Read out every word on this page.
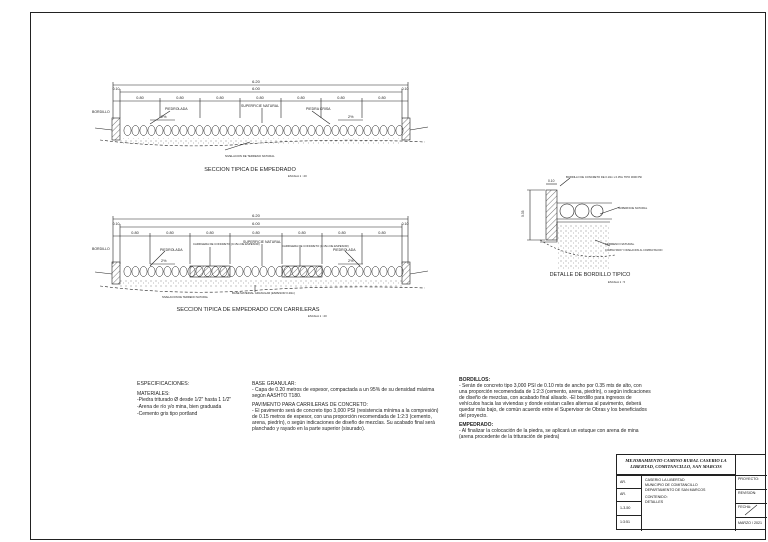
6.20
6.00
0.10	0.10
0.80	0.80	0.80	0.80	0.80	0.80	0.80
BORDILLO
PIEDROLADA
SUPERFICIE NATURAL
PIEDRA CRISA
2%	2%
NIVELACION DE TERRENO NATURAL
SECCION TIPICA DE EMPEDRADO
ESCALA 1 : 20
6.20
6.00
0.10	0.10
0.80	0.80	0.80	0.80	0.80	0.80	0.80
BORDILLO	PIEDROLADA	PIEDROLADA
CARRILERA DE CONCRETO (0.15m DE ESPESOR)	CARRILERA DE CONCRETO (0.15m DE ESPESOR)
SUPERFICIE NATURAL
2%	2%
BASE MATERIAL GRANULAR (ESPESOR 0.20m)
NIVELACION DE TERRENO NATURAL
SECCION TIPICA DE EMPEDRADO CON CARRILERAS
ESCALA 1 : 20
BORDILLO DE CONCRETO DE 0.10m x 0.35m TIPO 3000 PSI
SUPERFICIE NATURAL
TERRENO NATURAL
COMPACTADO Y NIVELACION AL COMPACTACION
0.35
0.10
DETALLE DE BORDILLO TIPICO
ESCALA 1 : 5
ESPECIFICACIONES:
MATERIALES:

-Piedra triturado Ø desde 1/2" hasta 1 1/2"

-Arena de río y/o mina, bien graduada

-Cemento gris tipo portland

BASE GRANULAR:

- Capa de 0.20 metros de espesor, compactada a un 95% de su densidad máxima según AASHTO T180.

PAVIMENTO PARA CARRILERAS DE CONCRETO:

- El pavimento será de concreto tipo 3,000 PSI (resistencia mínima a la compresión) de 0.15 metros de espesor, con una proporción recomendada de 1:2:3 (cemento, arena, piedrín), o según indicaciones de diseño de mezclas. Su acabado final será planchado y rayado en la parte superior (sisurado).

BORDILLOS:

- Serán de concreto tipo 3,000 PSI de 0.10 mts de ancho por 0.35 mts de alto, con una proporción recomendada de 1:2:3 (cemento, arena, piedrín), o según indicaciones de diseño de mezclas, con acabado final alisado. -El bordillo para ingresos de vehículos hacia las viviendas y donde existan calles alternas al pavimento, deberá quedar más bajo, de común acuerdo entre el Supervisor de Obras y los beneficiados del proyecto.

EMPEDRADO:

- Al finalizar la colocación de la piedra, se aplicará un estuque con arena de mina (arena procedente de la trituración de piedra)

MEJORAMIENTO CAMINO RURAL CASERIO LA LIBERTAD, COMITANCILLO, SAN MARCOS
AR.
AR.
1-3-50
1:3:51
CASERIO LA LIBERTAD
MUNICIPIO DE COMITANCILLO
DEPARTAMENTO DE SAN MARCOS
CONTENIDO:
DETALLES
PROYECTO:
REVISION:
FECHA:
MARZO / 2021
